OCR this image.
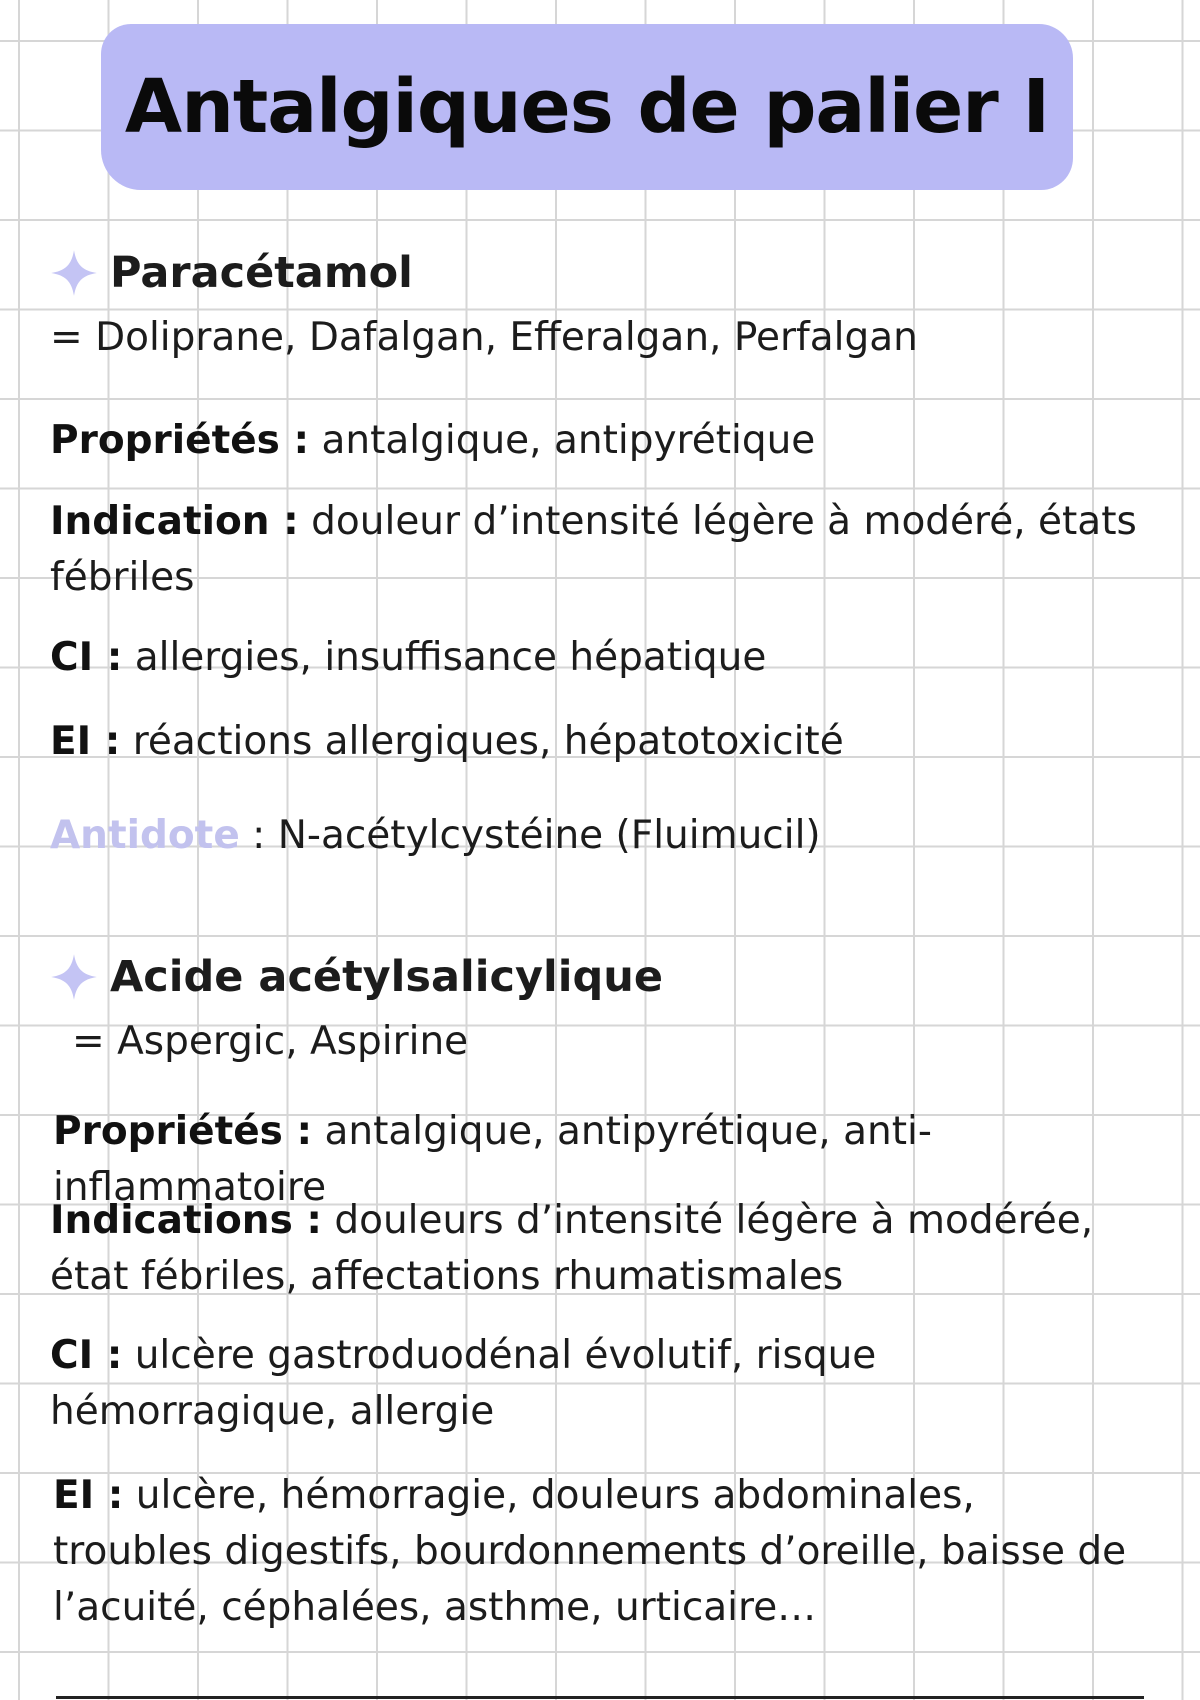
Antalgiques de palier I
Paracétamol
= Doliprane, Dafalgan, Efferalgan, Perfalgan
Propriétés : antalgique, antipyrétique
Indication : douleur d’intensité légère à modéré, états fébriles
CI : allergies, insuffisance hépatique
EI : réactions allergiques, hépatotoxicité
Antidote : N-acétylcystéine (Fluimucil)
Acide acétylsalicylique
= Aspergic, Aspirine
Propriétés : antalgique, antipyrétique, anti-inflammatoire
Indications : douleurs d’intensité légère à modérée, état fébriles, affectations rhumatismales
CI : ulcère gastroduodénal évolutif, risque hémorragique, allergie
EI : ulcère, hémorragie, douleurs abdominales, troubles digestifs, bourdonnements d’oreille, baisse de l’acuité, céphalées, asthme, urticaire…
